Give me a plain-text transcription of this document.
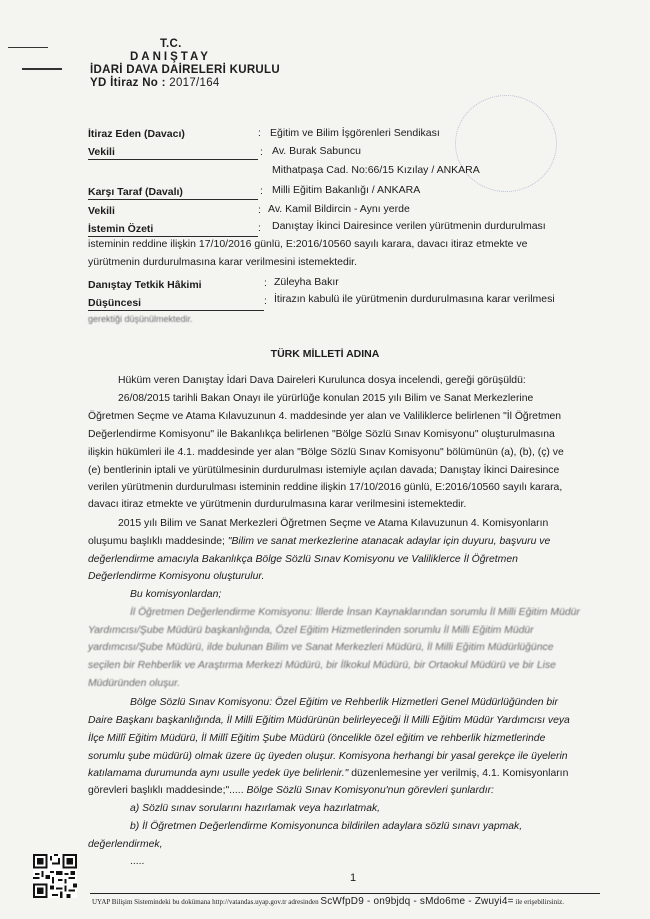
T.C.
DANIŞTAY
İDARİ DAVA DAİRELERİ KURULU
YD İtiraz No : 2017/164
İtiraz Eden (Davacı)	: Eğitim ve Bilim İşgörenleri Sendikası
Vekili	: Av. Burak Sabuncu
Mithatpaşa Cad. No:66/15 Kızılay / ANKARA
Karşı Taraf (Davalı)	: Milli Eğitim Bakanlığı / ANKARA
Vekili	: Av. Kamil Bildircin - Aynı yerde
İstemin Özeti	: Danıştay İkinci Dairesince verilen yürütmenin durdurulması
isteminin reddine ilişkin 17/10/2016 günlü, E:2016/10560 sayılı karara, davacı itiraz etmekte ve
yürütmenin durdurulmasına karar verilmesini istemektedir.
Danıştay Tetkik Hâkimi	: Züleyha Bakır
Düşüncesi	: İtirazın kabulü ile yürütmenin durdurulmasına karar verilmesi
gerektiği düşünülmektedir.
TÜRK MİLLETİ ADINA
Hüküm veren Danıştay İdari Dava Daireleri Kurulunca dosya incelendi, gereği görüşüldü:
26/08/2015 tarihli Bakan Onayı ile yürürlüğe konulan 2015 yılı Bilim ve Sanat Merkezlerine
Öğretmen Seçme ve Atama Kılavuzunun 4. maddesinde yer alan ve Valiliklerce belirlenen "İl Öğretmen
Değerlendirme Komisyonu" ile Bakanlıkça belirlenen "Bölge Sözlü Sınav Komisyonu" oluşturulmasına
ilişkin hükümleri ile 4.1. maddesinde yer alan "Bölge Sözlü Sınav Komisyonu" bölümünün (a), (b), (ç) ve
(e) bentlerinin iptali ve yürütülmesinin durdurulması istemiyle açılan davada; Danıştay İkinci Dairesince
verilen yürütmenin durdurulması isteminin reddine ilişkin 17/10/2016 günlü, E:2016/10560 sayılı karara,
davacı itiraz etmekte ve yürütmenin durdurulmasına karar verilmesini istemektedir.
2015 yılı Bilim ve Sanat Merkezleri Öğretmen Seçme ve Atama Kılavuzunun 4. Komisyonların
oluşumu başlıklı maddesinde; "Bilim ve sanat merkezlerine atanacak adaylar için duyuru, başvuru ve
değerlendirme amacıyla Bakanlıkça Bölge Sözlü Sınav Komisyonu ve Valiliklerce İl Öğretmen
Değerlendirme Komisyonu oluşturulur.
Bu komisyonlardan;
İl Öğretmen Değerlendirme Komisyonu: İllerde İnsan Kaynaklarından sorumlu İl Milli Eğitim Müdür
Yardımcısı/Şube Müdürü başkanlığında, Özel Eğitim Hizmetlerinden sorumlu İl Milli Eğitim Müdür
yardımcısı/Şube Müdürü, ilde bulunan Bilim ve Sanat Merkezleri Müdürü, İl Milli Eğitim Müdürlüğünce
seçilen bir Rehberlik ve Araştırma Merkezi Müdürü, bir İlkokul Müdürü, bir Ortaokul Müdürü ve bir Lise
Müdüründen oluşur.
Bölge Sözlü Sınav Komisyonu: Özel Eğitim ve Rehberlik Hizmetleri Genel Müdürlüğünden bir
Daire Başkanı başkanlığında, İl Milli Eğitim Müdürünün belirleyeceği İl Milli Eğitim Müdür Yardımcısı veya
İlçe Millî Eğitim Müdürü, İl Millî Eğitim Şube Müdürü (öncelikle özel eğitim ve rehberlik hizmetlerinde
sorumlu şube müdürü) olmak üzere üç üyeden oluşur. Komisyona herhangi bir yasal gerekçe ile üyelerin
katılamama durumunda aynı usulle yedek üye belirlenir." düzenlemesine yer verilmiş, 4.1. Komisyonların
görevleri başlıklı maddesinde;"..... Bölge Sözlü Sınav Komisyonu'nun görevleri şunlardır:
a) Sözlü sınav sorularını hazırlamak veya hazırlatmak,
b) İl Öğretmen Değerlendirme Komisyonunca bildirilen adaylara sözlü sınavı yapmak,
değerlendirmek,
.....
1
UYAP Bilişim Sistemindeki bu dokümana http://vatandas.uyap.gov.tr adresinden ScWfpD9 - on9bjdq - sMdo6me - Zwuyi4= ile erişebilirsiniz.
